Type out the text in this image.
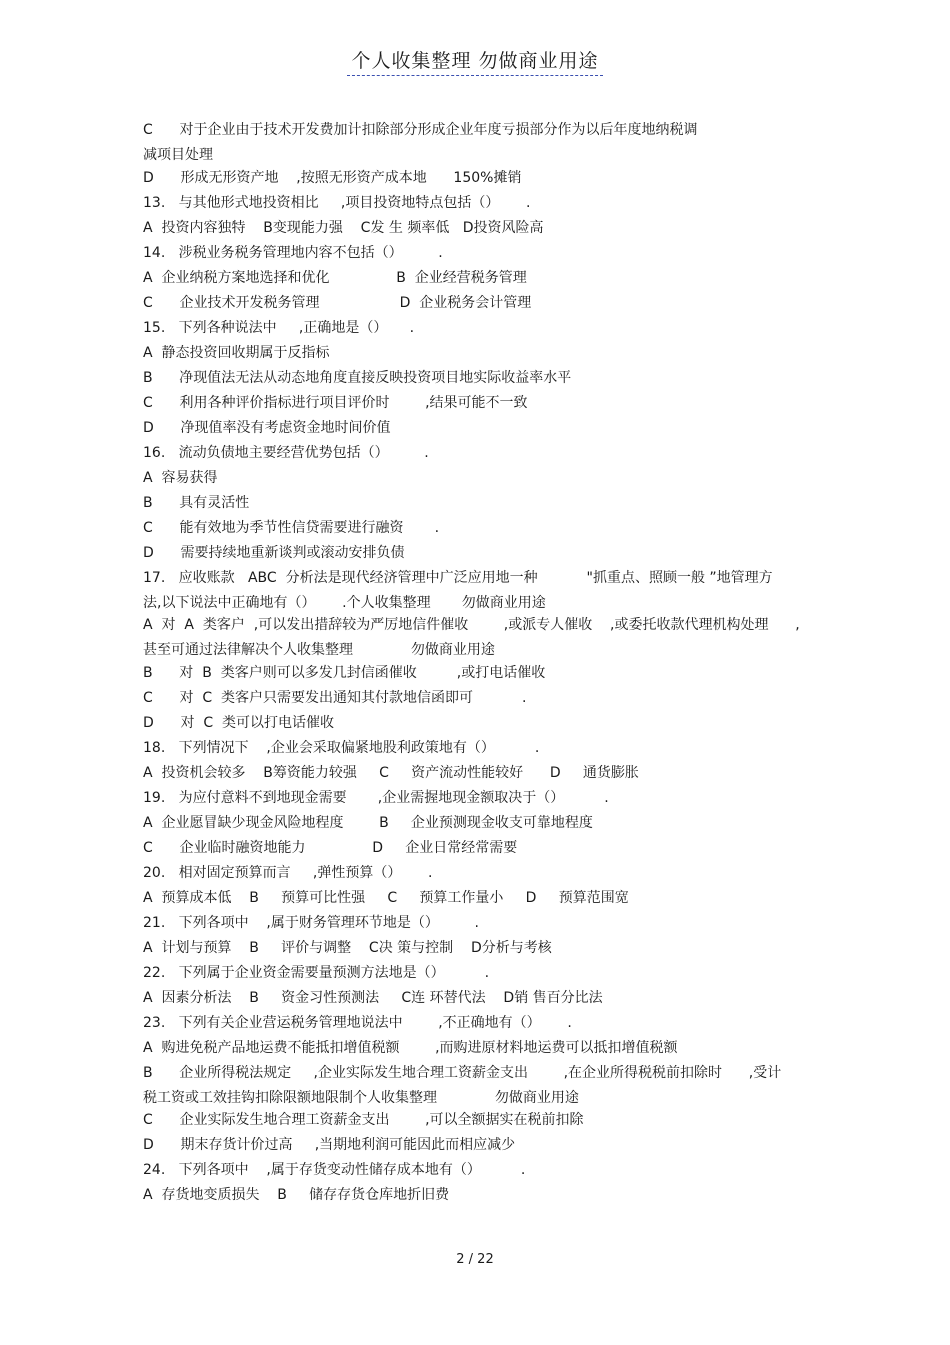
个人收集整理 勿做商业用途

C      对于企业由于技术开发费加计扣除部分形成企业年度亏损部分作为以后年度地纳税调

减项目处理

D      形成无形资产地    ,按照无形资产成本地      150%摊销

13.   与其他形式地投资相比     ,项目投资地特点包括（）      .

A  投资内容独特    B变现能力强    C发 生 频率低   D投资风险高

14.   涉税业务税务管理地内容不包括（）        .

A  企业纳税方案地选择和优化               B  企业经营税务管理

C      企业技术开发税务管理                  D  企业税务会计管理

15.   下列各种说法中     ,正确地是（）     .

A  静态投资回收期属于反指标

B      净现值法无法从动态地角度直接反映投资项目地实际收益率水平

C      利用各种评价指标进行项目评价时        ,结果可能不一致

D      净现值率没有考虑资金地时间价值

16.   流动负债地主要经营优势包括（）        .

A  容易获得

B      具有灵活性

C      能有效地为季节性信贷需要进行融资       .

D      需要持续地重新谈判或滚动安排负债

17.   应收账款   ABC  分析法是现代经济管理中广泛应用地一种           "抓重点、照顾一般 ”地管理方

法,以下说法中正确地有（）      .个人收集整理       勿做商业用途

A  对  A  类客户  ,可以发出措辞较为严厉地信件催收        ,或派专人催收    ,或委托收款代理机构处理      ,

甚至可通过法律解决个人收集整理             勿做商业用途

B      对  B  类客户则可以多发几封信函催收         ,或打电话催收

C      对  C  类客户只需要发出通知其付款地信函即可           .

D      对  C  类可以打电话催收

18.   下列情况下    ,企业会采取偏紧地股利政策地有（）         .

A  投资机会较多    B筹资能力较强     C     资产流动性能较好      D     通货膨胀

19.   为应付意料不到地现金需要       ,企业需握地现金额取决于（）         .

A  企业愿冒缺少现金风险地程度        B     企业预测现金收支可靠地程度

C      企业临时融资地能力               D     企业日常经常需要

20.   相对固定预算而言     ,弹性预算（）      .

A  预算成本低    B     预算可比性强     C     预算工作量小     D     预算范围宽

21.   下列各项中    ,属于财务管理环节地是（）        .

A  计划与预算    B     评价与调整    C决 策与控制    D分析与考核

22.   下列属于企业资金需要量预测方法地是（）         .

A  因素分析法    B     资金习性预测法     C连 环替代法    D销 售百分比法

23.   下列有关企业营运税务管理地说法中        ,不正确地有（）      .

A  购进免税产品地运费不能抵扣增值税额        ,而购进原材料地运费可以抵扣增值税额

B      企业所得税法规定     ,企业实际发生地合理工资薪金支出        ,在企业所得税税前扣除时      ,受计

税工资或工效挂钩扣除限额地限制个人收集整理             勿做商业用途

C      企业实际发生地合理工资薪金支出        ,可以全额据实在税前扣除

D      期末存货计价过高     ,当期地利润可能因此而相应减少

24.   下列各项中    ,属于存货变动性储存成本地有（）         .

A  存货地变质损失    B     储存存货仓库地折旧费

2 / 22
